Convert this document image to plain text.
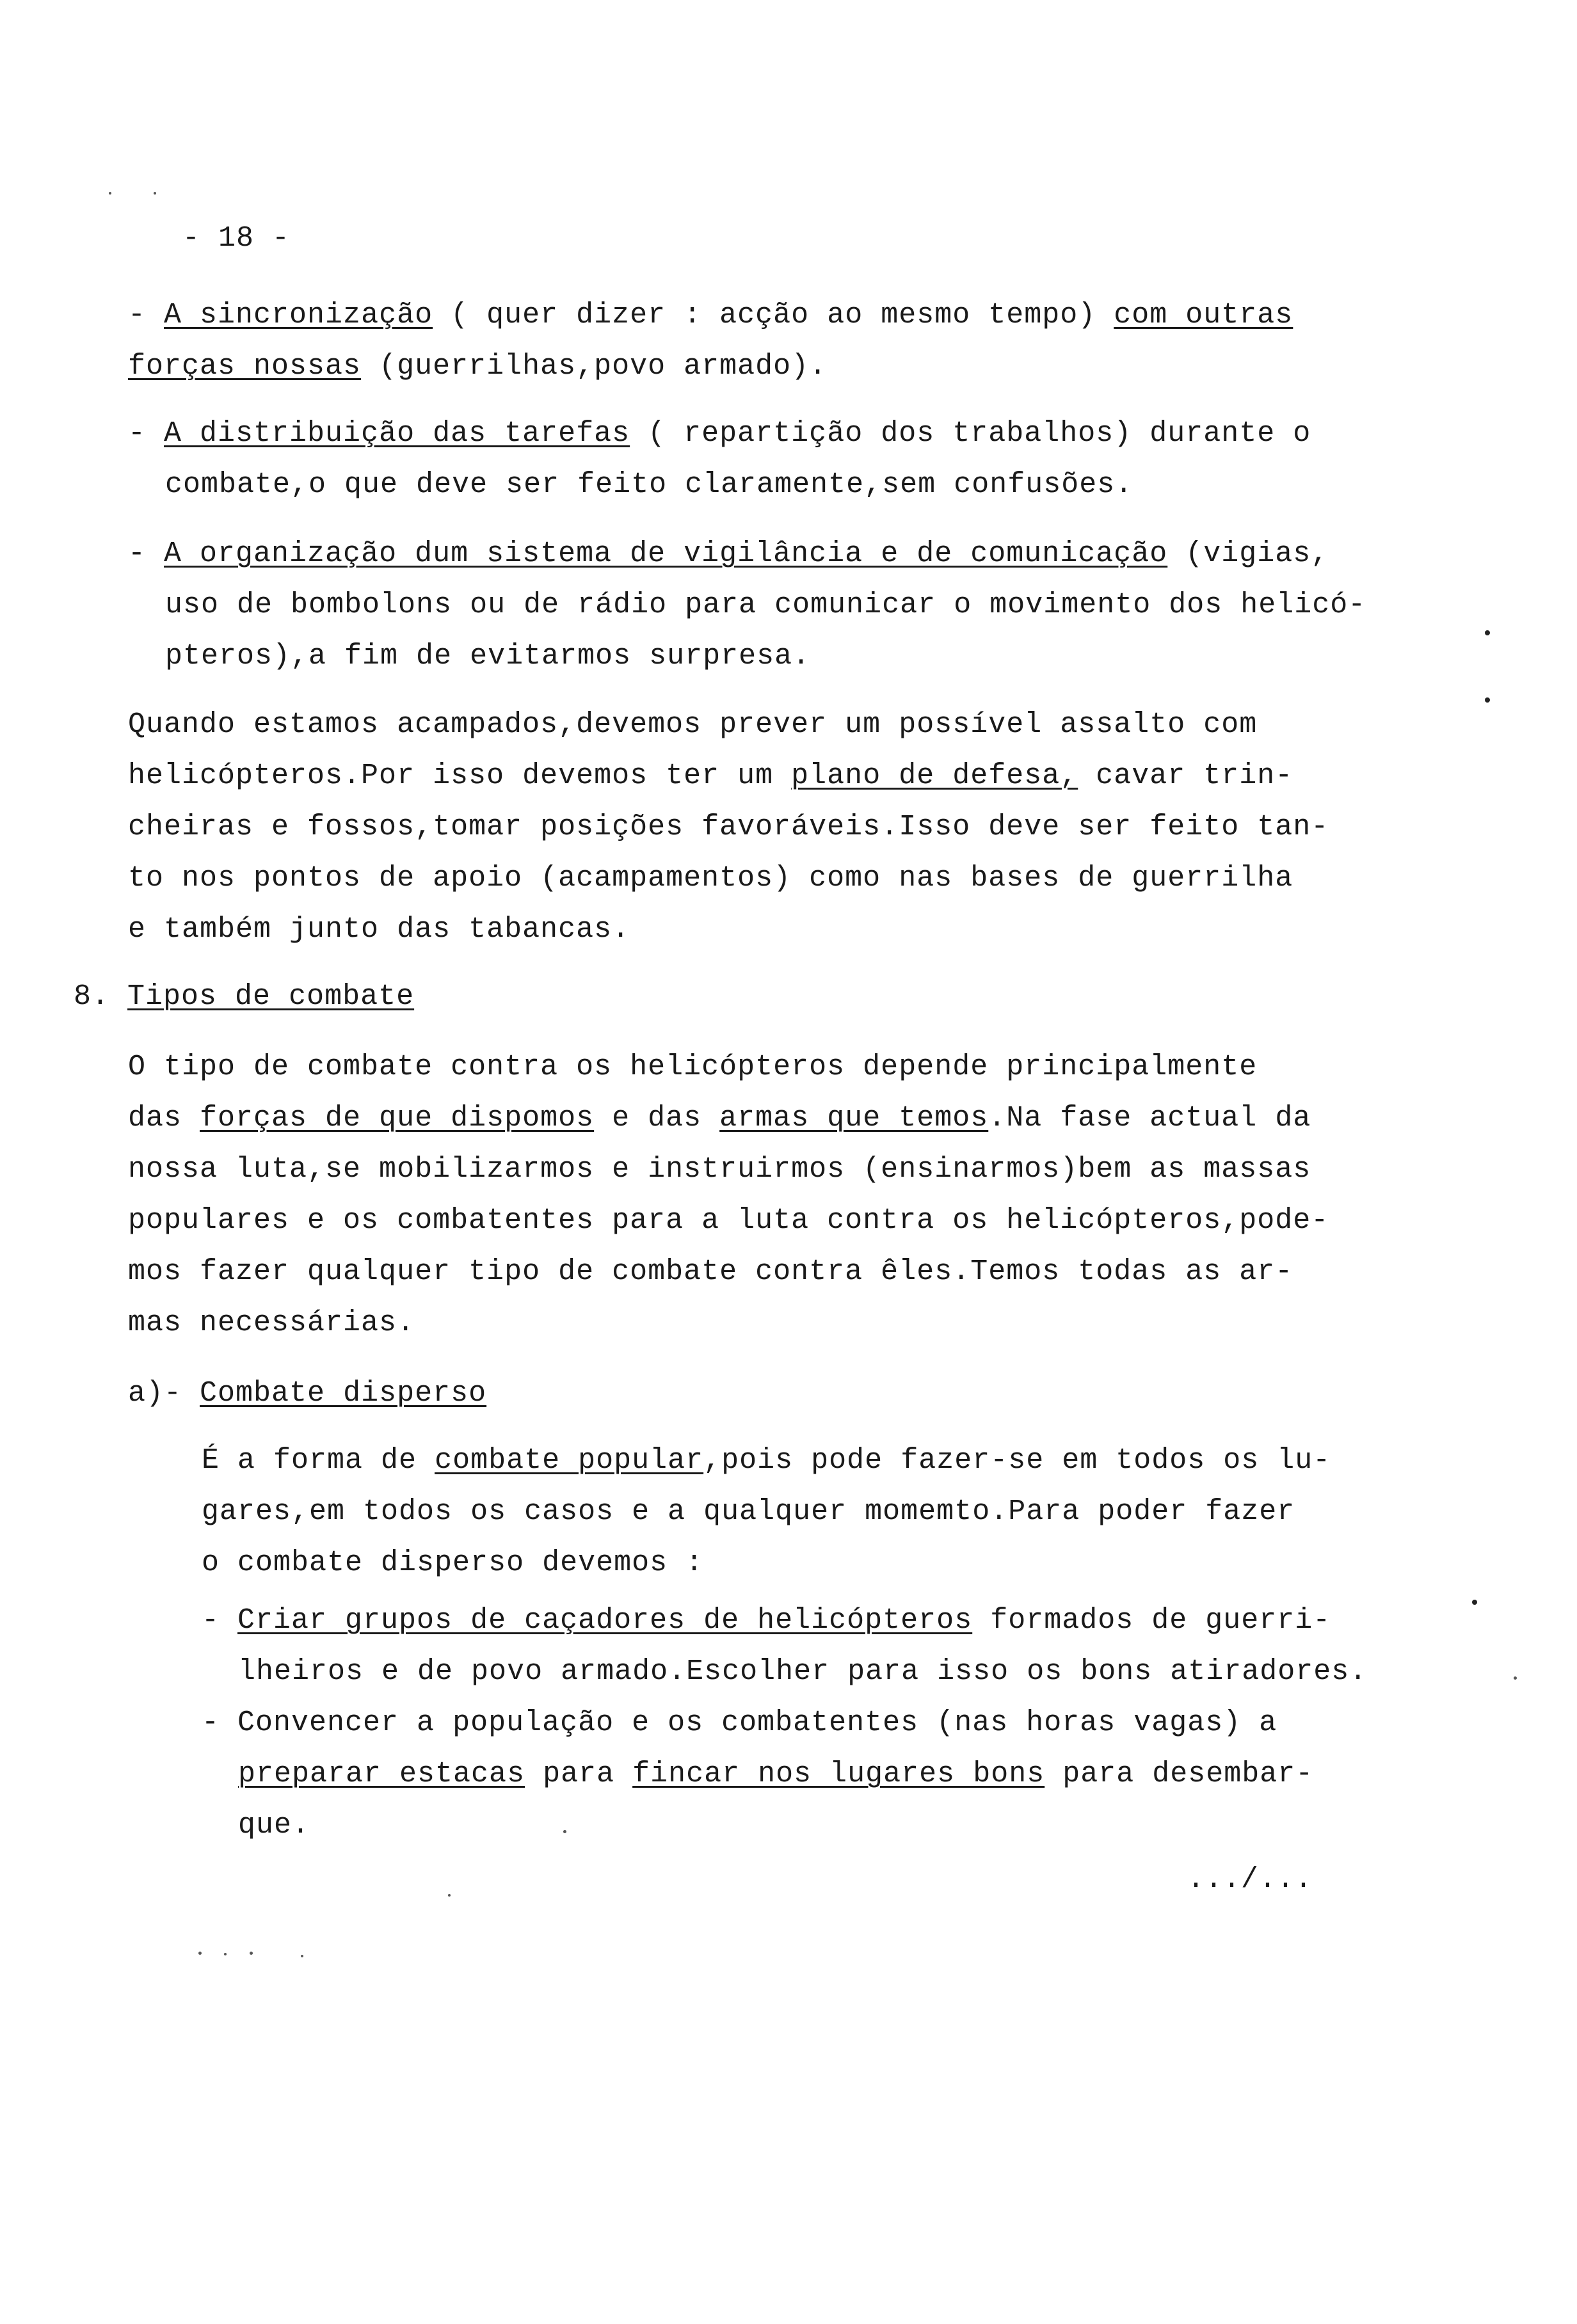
- 18 -
- A sincronização ( quer dizer : acção ao mesmo tempo) com outras
forças nossas (guerrilhas,povo armado).
- A distribuição das tarefas ( repartição dos trabalhos) durante o
combate,o que deve ser feito claramente,sem confusões.
- A organização dum sistema de vigilância e de comunicação (vigias,
uso de bombolons ou de rádio para comunicar o movimento dos helicó-
pteros),a fim de evitarmos surpresa.
Quando estamos acampados,devemos prever um possível assalto com
helicópteros.Por isso devemos ter um plano de defesa, cavar trin-
cheiras e fossos,tomar posições favoráveis.Isso deve ser feito tan-
to nos pontos de apoio (acampamentos) como nas bases de guerrilha
e também junto das tabancas.
8. Tipos de combate
O tipo de combate contra os helicópteros depende principalmente
das forças de que dispomos e das armas que temos.Na fase actual da
nossa luta,se mobilizarmos e instruirmos (ensinarmos)bem as massas
populares e os combatentes para a luta contra os helicópteros,pode-
mos fazer qualquer tipo de combate contra êles.Temos todas as ar-
mas necessárias.
a)- Combate disperso
É a forma de combate popular,pois pode fazer-se em todos os lu-
gares,em todos os casos e a qualquer momemto.Para poder fazer
o combate disperso devemos :
- Criar grupos de caçadores de helicópteros formados de guerri-
lheiros e de povo armado.Escolher para isso os bons atiradores.
- Convencer a população e os combatentes (nas horas vagas) a
preparar estacas para fincar nos lugares bons para desembar-
que.
.../...
